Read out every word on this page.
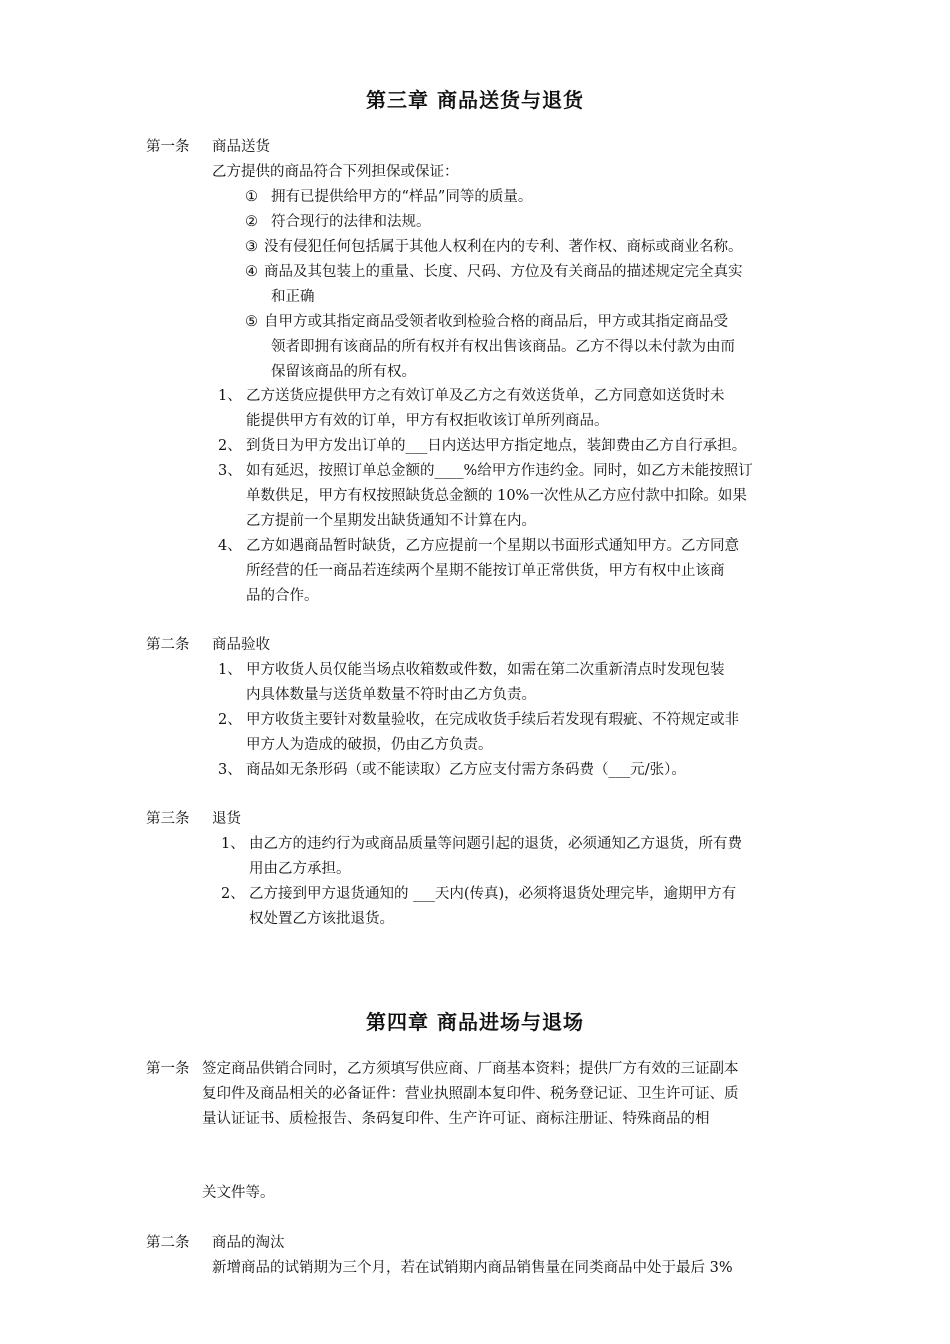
第三章 商品送货与退货
第一条 商品送货
乙方提供的商品符合下列担保或保证：
① 拥有已提供给甲方的“样品”同等的质量。
② 符合现行的法律和法规。
③ 没有侵犯任何包括属于其他人权利在内的专利、著作权、商标或商业名称。
④ 商品及其包装上的重量、长度、尺码、方位及有关商品的描述规定完全真实
和正确
⑤ 自甲方或其指定商品受领者收到检验合格的商品后，甲方或其指定商品受
领者即拥有该商品的所有权并有权出售该商品。乙方不得以未付款为由而
保留该商品的所有权。
1、 乙方送货应提供甲方之有效订单及乙方之有效送货单，乙方同意如送货时未
能提供甲方有效的订单，甲方有权拒收该订单所列商品。
2、 到货日为甲方发出订单的___日内送达甲方指定地点，装卸费由乙方自行承担。
3、 如有延迟，按照订单总金额的____%给甲方作违约金。同时，如乙方未能按照订
单数供足，甲方有权按照缺货总金额的 10%一次性从乙方应付款中扣除。如果
乙方提前一个星期发出缺货通知不计算在内。
4、 乙方如遇商品暂时缺货，乙方应提前一个星期以书面形式通知甲方。乙方同意
所经营的任一商品若连续两个星期不能按订单正常供货，甲方有权中止该商
品的合作。
第二条 商品验收
1、 甲方收货人员仅能当场点收箱数或件数，如需在第二次重新清点时发现包装
内具体数量与送货单数量不符时由乙方负责。
2、 甲方收货主要针对数量验收，在完成收货手续后若发现有瑕疵、不符规定或非
甲方人为造成的破损，仍由乙方负责。
3、 商品如无条形码（或不能读取）乙方应支付需方条码费（___元/张）。
第三条 退货
1、 由乙方的违约行为或商品质量等问题引起的退货，必须通知乙方退货，所有费
用由乙方承担。
2、 乙方接到甲方退货通知的 ___天内(传真)，必须将退货处理完毕，逾期甲方有
权处置乙方该批退货。
第四章 商品进场与退场
第一条 签定商品供销合同时，乙方须填写供应商、厂商基本资料；提供厂方有效的三证副本
复印件及商品相关的必备证件：营业执照副本复印件、税务登记证、卫生许可证、质
量认证证书、质检报告、条码复印件、生产许可证、商标注册证、特殊商品的相
关文件等。
第二条 商品的淘汰
新增商品的试销期为三个月，若在试销期内商品销售量在同类商品中处于最后 3%
